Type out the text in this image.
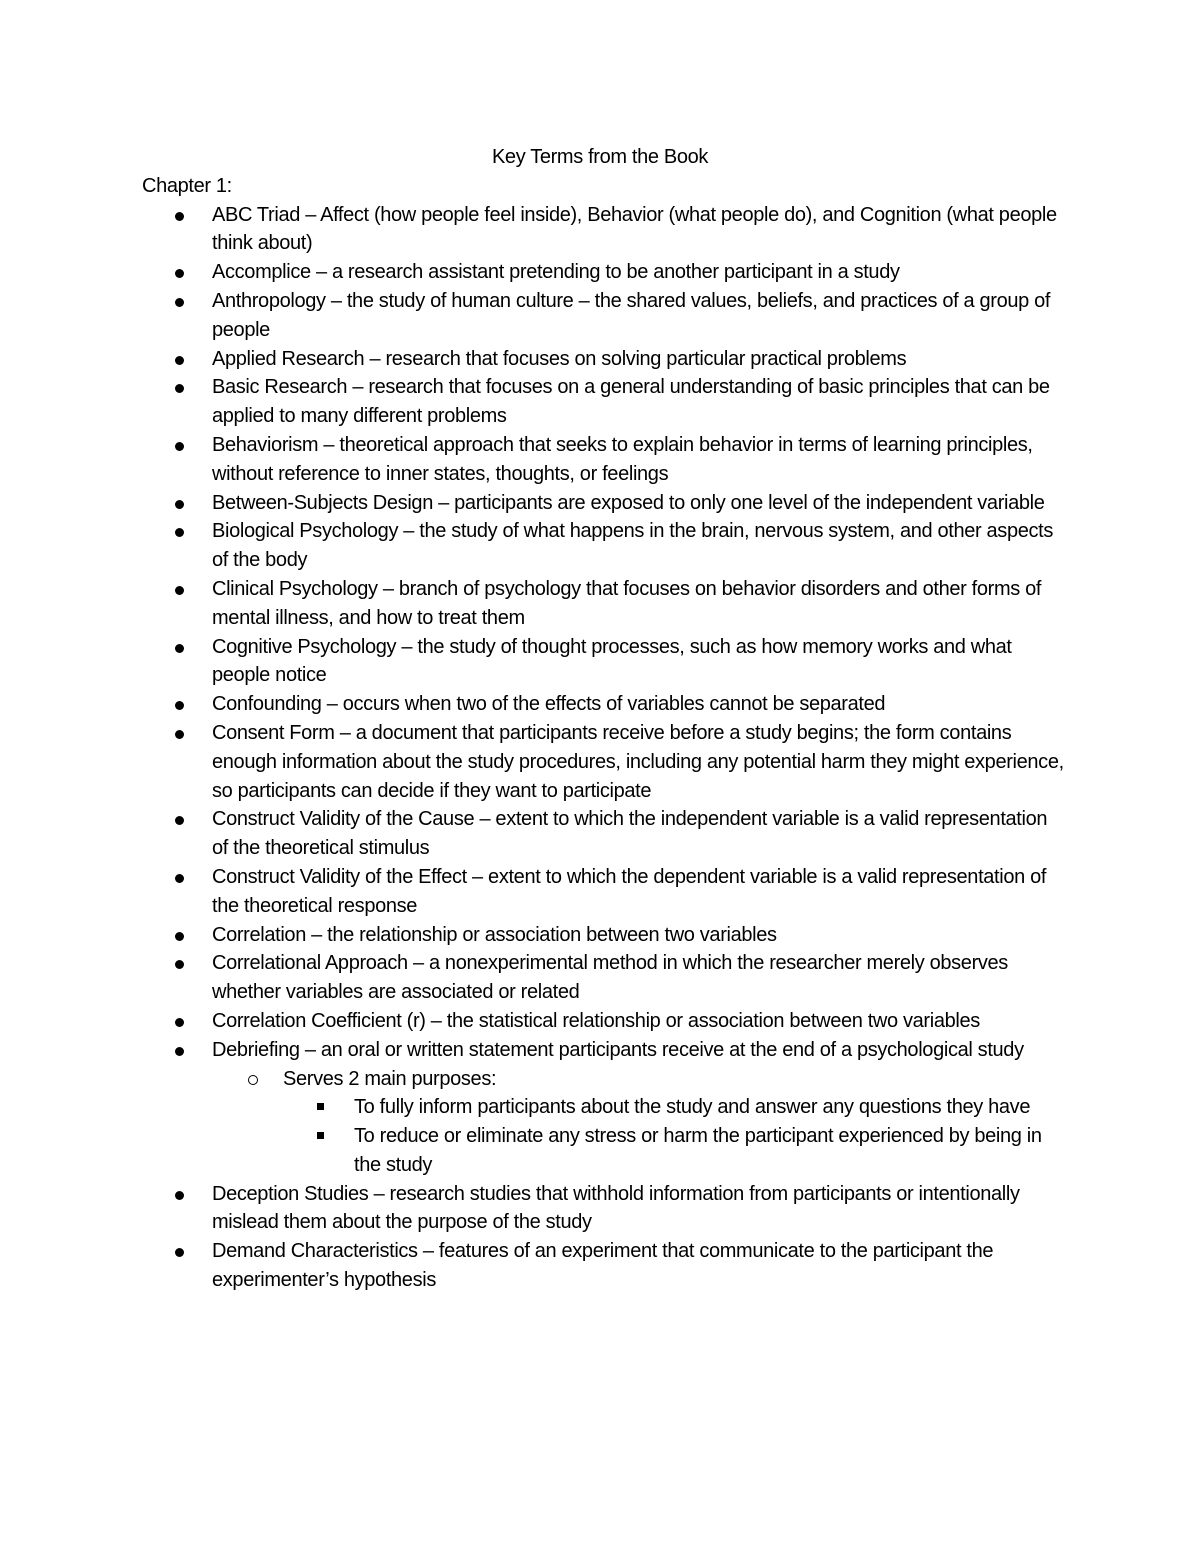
Key Terms from the Book
Chapter 1:
ABC Triad – Affect (how people feel inside), Behavior (what people do), and Cognition (what people think about)
Accomplice – a research assistant pretending to be another participant in a study
Anthropology – the study of human culture – the shared values, beliefs, and practices of a group of people
Applied Research – research that focuses on solving particular practical problems
Basic Research – research that focuses on a general understanding of basic principles that can be applied to many different problems
Behaviorism – theoretical approach that seeks to explain behavior in terms of learning principles, without reference to inner states, thoughts, or feelings
Between-Subjects Design – participants are exposed to only one level of the independent variable
Biological Psychology – the study of what happens in the brain, nervous system, and other aspects of the body
Clinical Psychology – branch of psychology that focuses on behavior disorders and other forms of mental illness, and how to treat them
Cognitive Psychology – the study of thought processes, such as how memory works and what people notice
Confounding – occurs when two of the effects of variables cannot be separated
Consent Form – a document that participants receive before a study begins; the form contains enough information about the study procedures, including any potential harm they might experience, so participants can decide if they want to participate
Construct Validity of the Cause – extent to which the independent variable is a valid representation of the theoretical stimulus
Construct Validity of the Effect – extent to which the dependent variable is a valid representation of the theoretical response
Correlation – the relationship or association between two variables
Correlational Approach – a nonexperimental method in which the researcher merely observes whether variables are associated or related
Correlation Coefficient (r) – the statistical relationship or association between two variables
Debriefing – an oral or written statement participants receive at the end of a psychological study
Serves 2 main purposes:
To fully inform participants about the study and answer any questions they have
To reduce or eliminate any stress or harm the participant experienced by being in the study
Deception Studies – research studies that withhold information from participants or intentionally mislead them about the purpose of the study
Demand Characteristics – features of an experiment that communicate to the participant the experimenter’s hypothesis
